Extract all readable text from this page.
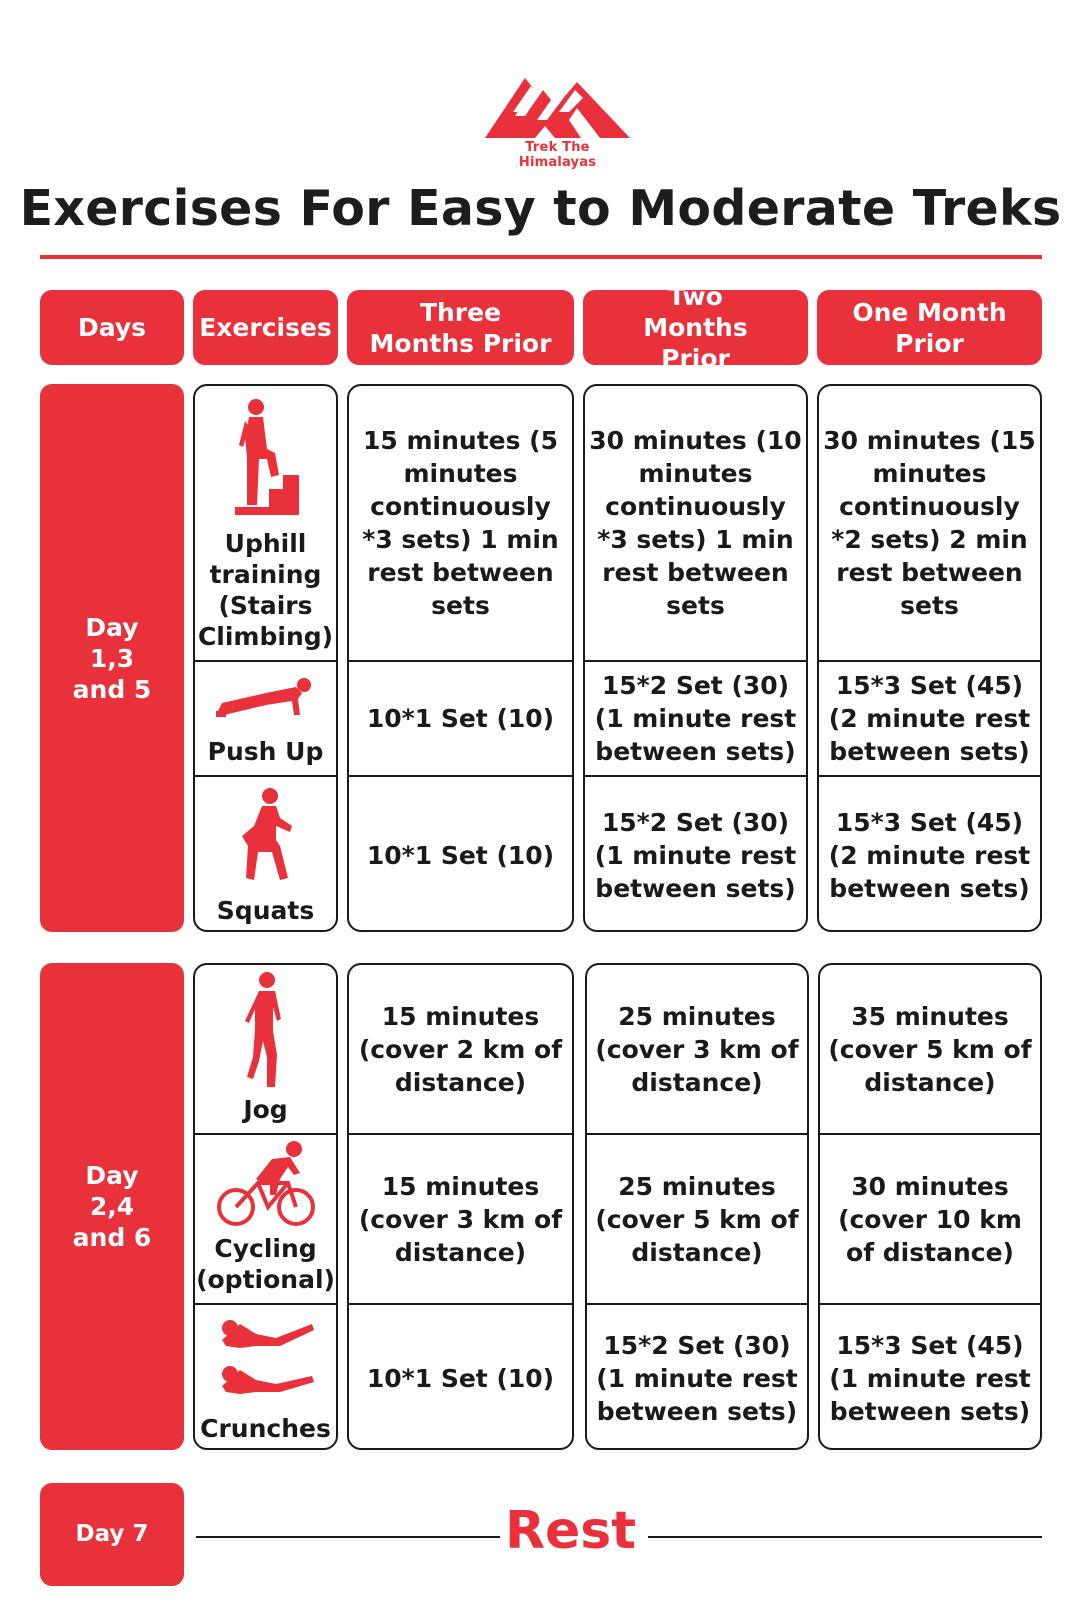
Trek The Himalayas
Exercises For Easy to Moderate Treks
Days	Exercises
Three Months Prior
Two Months Prior
One Month Prior
Day 1,3 and 5
Uphill training (Stairs Climbing)
Push Up
Squats
15 minutes (5 minutes continuously *3 sets) 1 min rest between sets
10*1 Set (10)
10*1 Set (10)
30 minutes (10 minutes continuously *3 sets) 1 min rest between sets
15*2 Set (30) (1 minute rest between sets)
15*2 Set (30) (1 minute rest between sets)
30 minutes (15 minutes continuously *2 sets) 2 min rest between sets
15*3 Set (45) (2 minute rest between sets)
15*3 Set (45) (2 minute rest between sets)
Day 2,4 and 6
Jog
Cycling (optional)
Crunches
15 minutes (cover 2 km of distance)
15 minutes (cover 3 km of distance)
10*1 Set (10)
25 minutes (cover 3 km of distance)
25 minutes (cover 5 km of distance)
15*2 Set (30) (1 minute rest between sets)
35 minutes (cover 5 km of distance)
30 minutes (cover 10 km of distance)
15*3 Set (45) (1 minute rest between sets)
Day 7	Rest
